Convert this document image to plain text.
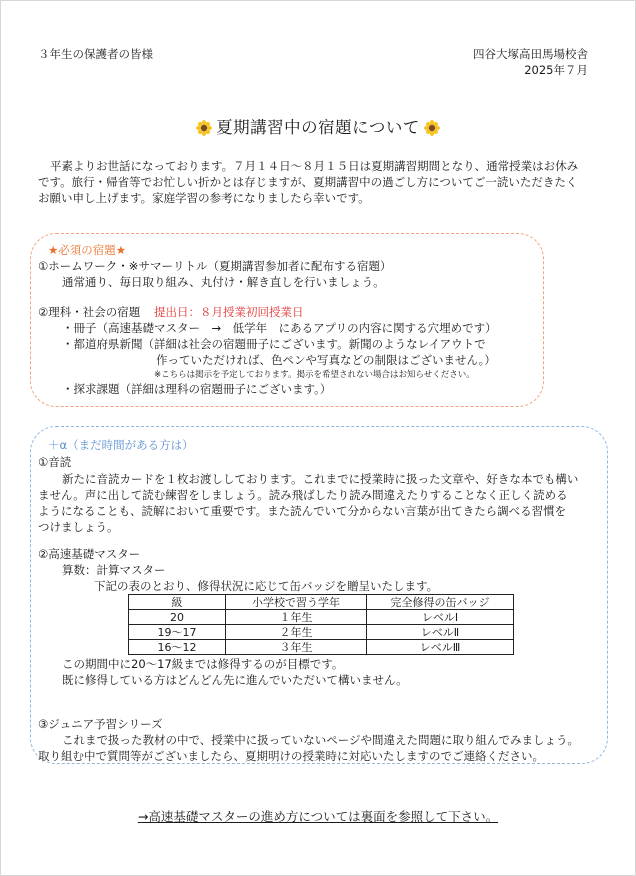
３年生の保護者の皆様	四谷大塚高田馬場校舎
2025年７月
夏期講習中の宿題について

平素よりお世話になっております。７月１４日～８月１５日は夏期講習期間となり、通常授業はお休み

です。旅行・帰省等でお忙しい折かとは存じますが、夏期講習中の過ごし方についてご一読いただきたく

お願い申し上げます。家庭学習の参考になりましたら幸いです。

★必須の宿題★
①ホームワーク・※サマーリトル（夏期講習参加者に配布する宿題）
通常通り、毎日取り組み、丸付け・解き直しを行いましょう。
②理科・社会の宿題 提出日：８月授業初回授業日
・冊子（高速基礎マスター　→　低学年　にあるアプリの内容に関する穴埋めです）
・都道府県新聞（詳細は社会の宿題冊子にございます。新聞のようなレイアウトで
作っていただければ、色ペンや写真などの制限はございません。）
※こちらは掲示を予定しております。掲示を希望されない場合はお知らせください。
・探求課題（詳細は理科の宿題冊子にございます。）
＋α（まだ時間がある方は）
①音読
新たに音読カードを１枚お渡ししております。これまでに授業時に扱った文章や、好きな本でも構い
ません。声に出して読む練習をしましょう。読み飛ばしたり読み間違えたりすることなく正しく読める
ようになることも、読解において重要です。また読んでいて分からない言葉が出てきたら調べる習慣を
つけましょう。
②高速基礎マスター
算数：計算マスター
下記の表のとおり、修得状況に応じて缶バッジを贈呈いたします。
級	小学校で習う学年	完全修得の缶バッジ
20	１年生	レベルⅠ
19～17	２年生	レベルⅡ
16～12	３年生	レベルⅢ
この期間中に20～17級までは修得するのが目標です。
既に修得している方はどんどん先に進んでいただいて構いません。
③ジュニア予習シリーズ
これまで扱った教材の中で、授業中に扱っていないページや間違えた問題に取り組んでみましょう。
取り組む中で質問等がございましたら、夏期明けの授業時に対応いたしますのでご連絡ください。
→高速基礎マスターの進め方については裏面を参照して下さい。
